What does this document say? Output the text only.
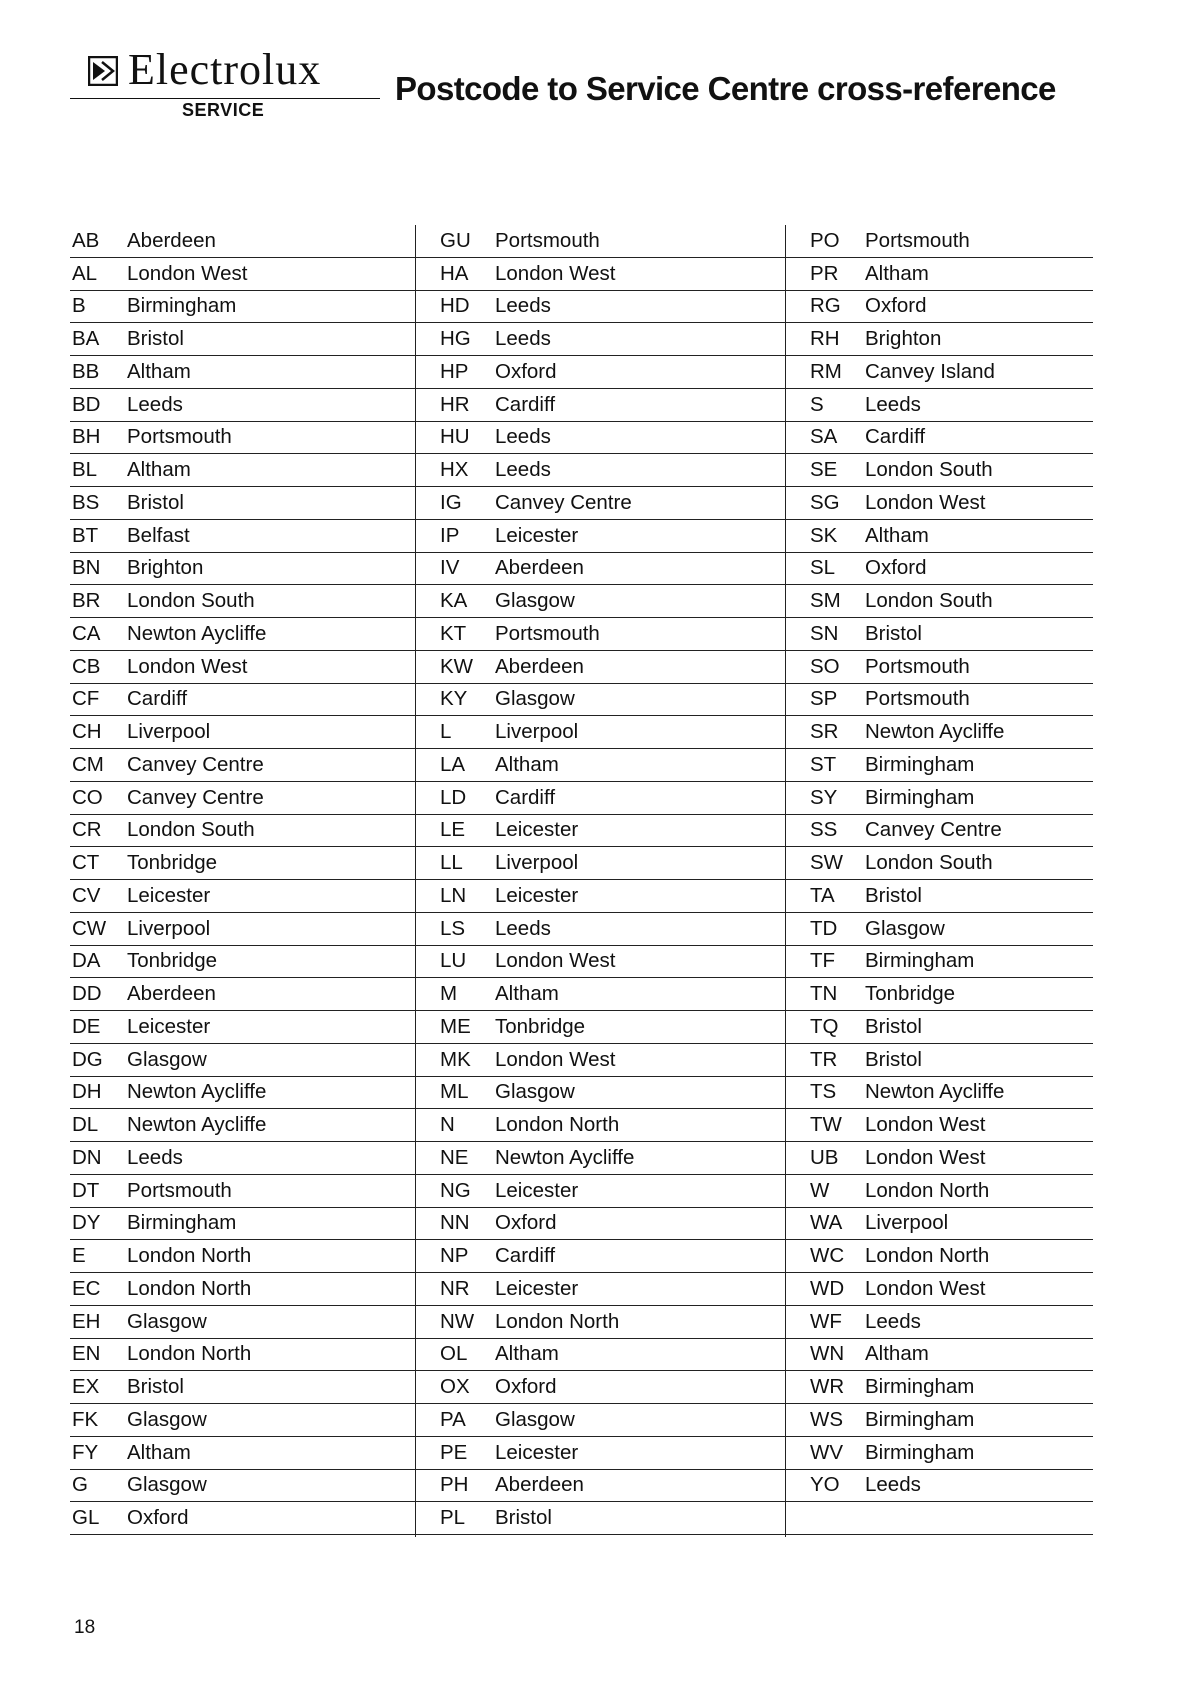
Electrolux
SERVICE
Postcode to Service Centre cross-reference
AB	Aberdeen
AL	London West
B	Birmingham
BA	Bristol
BB	Altham
BD	Leeds
BH	Portsmouth
BL	Altham
BS	Bristol
BT	Belfast
BN	Brighton
BR	London South
CA	Newton Aycliffe
CB	London West
CF	Cardiff
CH	Liverpool
CM	Canvey Centre
CO	Canvey Centre
CR	London South
CT	Tonbridge
CV	Leicester
CW	Liverpool
DA	Tonbridge
DD	Aberdeen
DE	Leicester
DG	Glasgow
DH	Newton Aycliffe
DL	Newton Aycliffe
DN	Leeds
DT	Portsmouth
DY	Birmingham
E	London North
EC	London North
EH	Glasgow
EN	London North
EX	Bristol
FK	Glasgow
FY	Altham
G	Glasgow
GL	Oxford
GU	Portsmouth
HA	London West
HD	Leeds
HG	Leeds
HP	Oxford
HR	Cardiff
HU	Leeds
HX	Leeds
IG	Canvey Centre
IP	Leicester
IV	Aberdeen
KA	Glasgow
KT	Portsmouth
KW	Aberdeen
KY	Glasgow
L	Liverpool
LA	Altham
LD	Cardiff
LE	Leicester
LL	Liverpool
LN	Leicester
LS	Leeds
LU	London West
M	Altham
ME	Tonbridge
MK	London West
ML	Glasgow
N	London North
NE	Newton Aycliffe
NG	Leicester
NN	Oxford
NP	Cardiff
NR	Leicester
NW	London North
OL	Altham
OX	Oxford
PA	Glasgow
PE	Leicester
PH	Aberdeen
PL	Bristol
PO	Portsmouth
PR	Altham
RG	Oxford
RH	Brighton
RM	Canvey Island
S	Leeds
SA	Cardiff
SE	London South
SG	London West
SK	Altham
SL	Oxford
SM	London South
SN	Bristol
SO	Portsmouth
SP	Portsmouth
SR	Newton Aycliffe
ST	Birmingham
SY	Birmingham
SS	Canvey Centre
SW	London South
TA	Bristol
TD	Glasgow
TF	Birmingham
TN	Tonbridge
TQ	Bristol
TR	Bristol
TS	Newton Aycliffe
TW	London West
UB	London West
W	London North
WA	Liverpool
WC	London North
WD	London West
WF	Leeds
WN	Altham
WR	Birmingham
WS	Birmingham
WV	Birmingham
YO	Leeds
18
